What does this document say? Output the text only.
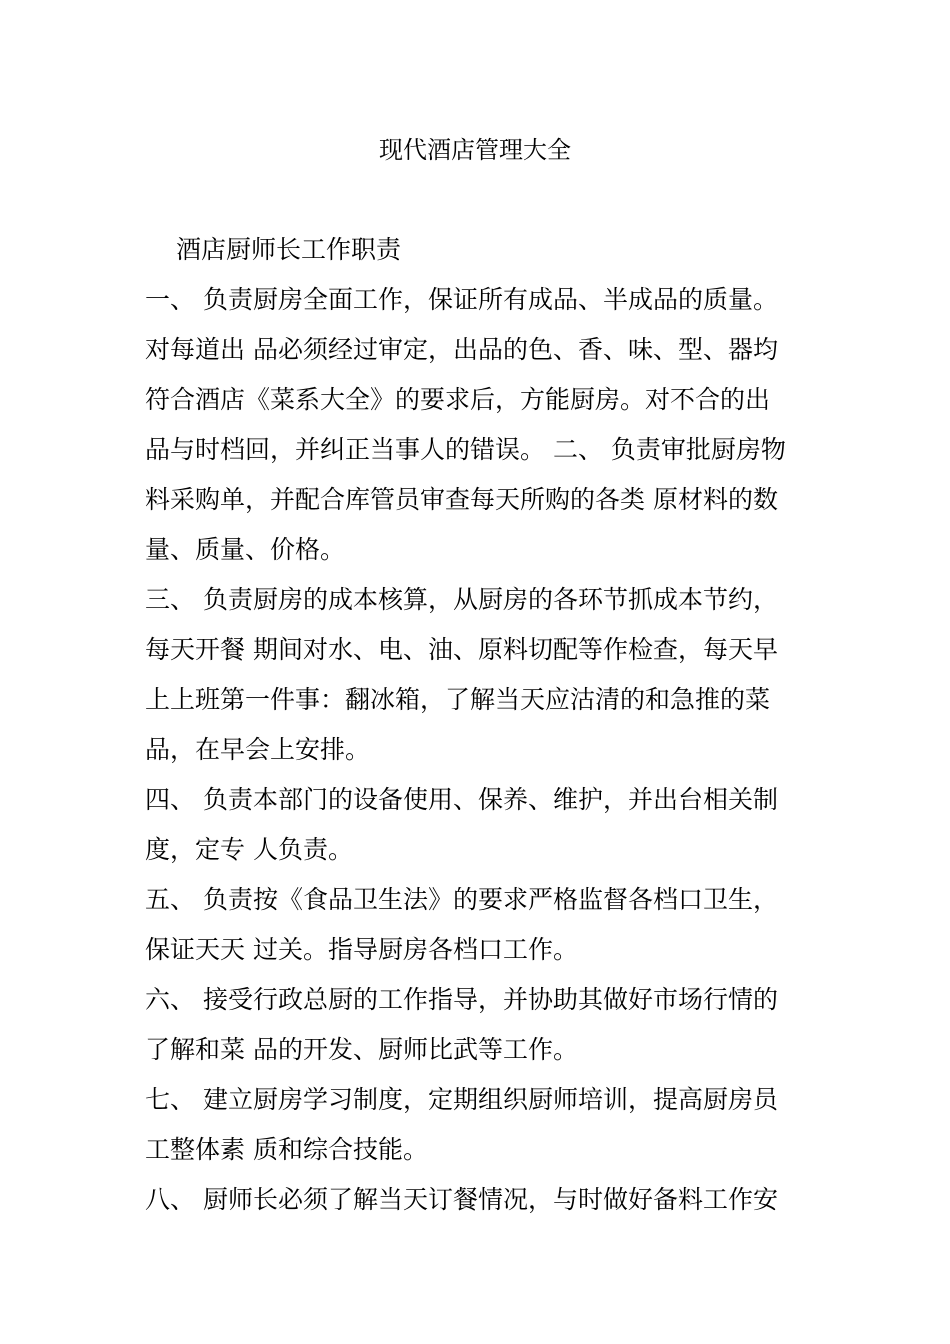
现代酒店管理大全
酒店厨师长工作职责
一、 负责厨房全面工作，保证所有成品、半成品的质量。
对每道出 品必须经过审定，出品的色、香、味、型、器均
符合酒店《菜系大全》的要求后，方能厨房。对不合的出
品与时档回，并纠正当事人的错误。 二、 负责审批厨房物
料采购单，并配合库管员审查每天所购的各类 原材料的数
量、质量、价格。
三、 负责厨房的成本核算，从厨房的各环节抓成本节约，
每天开餐 期间对水、电、油、原料切配等作检查，每天早
上上班第一件事：翻冰箱，了解当天应沽清的和急推的菜
品，在早会上安排。
四、 负责本部门的设备使用、保养、维护，并出台相关制
度，定专 人负责。
五、 负责按《食品卫生法》的要求严格监督各档口卫生，
保证天天 过关。指导厨房各档口工作。
六、 接受行政总厨的工作指导，并协助其做好市场行情的
了解和菜 品的开发、厨师比武等工作。
七、 建立厨房学习制度，定期组织厨师培训，提高厨房员
工整体素 质和综合技能。
八、 厨师长必须了解当天订餐情况，与时做好备料工作安
